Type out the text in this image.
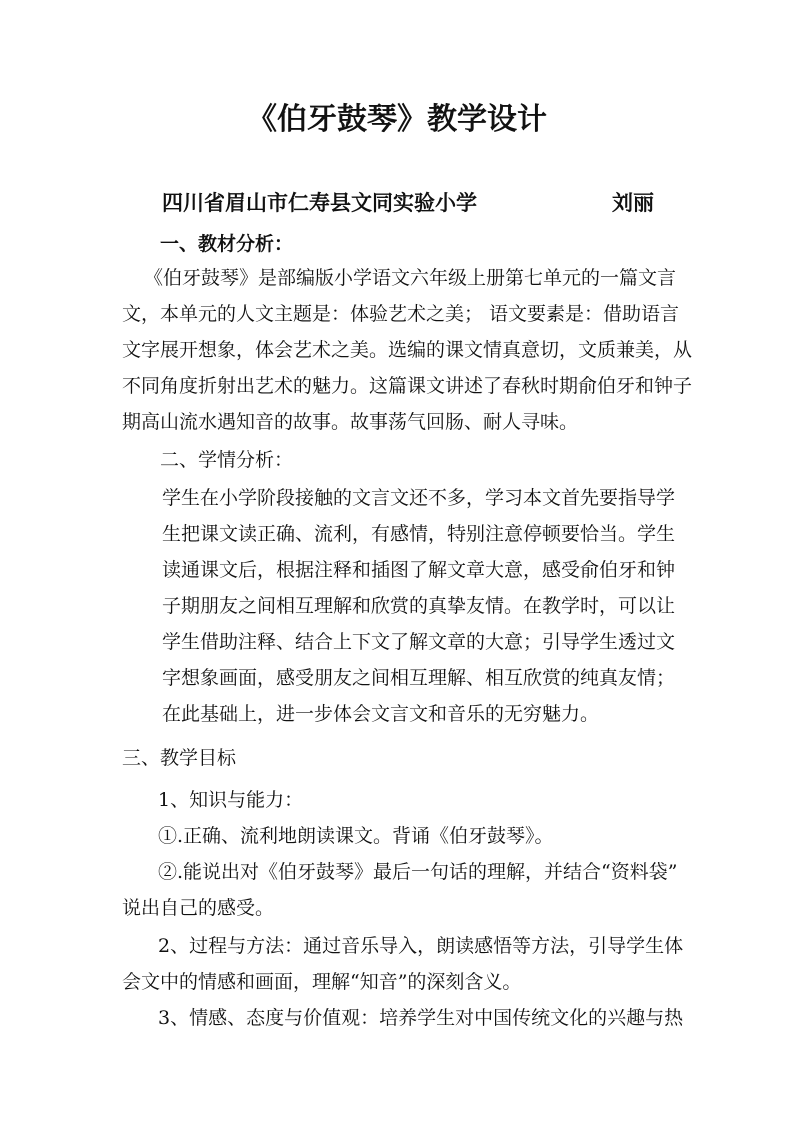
《伯牙鼓琴》教学设计
四川省眉山市仁寿县文同实验小学	刘丽
一、教材分析：
《伯牙鼓琴》是部编版小学语文六年级上册第七单元的一篇文言
文，本单元的人文主题是：体验艺术之美； 语文要素是：借助语言
文字展开想象，体会艺术之美。选编的课文情真意切，文质兼美，从
不同角度折射出艺术的魅力。这篇课文讲述了春秋时期俞伯牙和钟子
期高山流水遇知音的故事。故事荡气回肠、耐人寻味。
二、学情分析：
学生在小学阶段接触的文言文还不多，学习本文首先要指导学
生把课文读正确、流利，有感情，特别注意停顿要恰当。学生
读通课文后，根据注释和插图了解文章大意，感受俞伯牙和钟
子期朋友之间相互理解和欣赏的真挚友情。在教学时，可以让
学生借助注释、结合上下文了解文章的大意；引导学生透过文
字想象画面，感受朋友之间相互理解、相互欣赏的纯真友情；
在此基础上，进一步体会文言文和音乐的无穷魅力。
三、教学目标
1、知识与能力：
①.正确、流利地朗读课文。背诵《伯牙鼓琴》。
②.能说出对《伯牙鼓琴》最后一句话的理解，并结合“资料袋”
说出自己的感受。
2、过程与方法：通过音乐导入，朗读感悟等方法，引导学生体
会文中的情感和画面，理解“知音”的深刻含义。
3、情感、态度与价值观：培养学生对中国传统文化的兴趣与热
